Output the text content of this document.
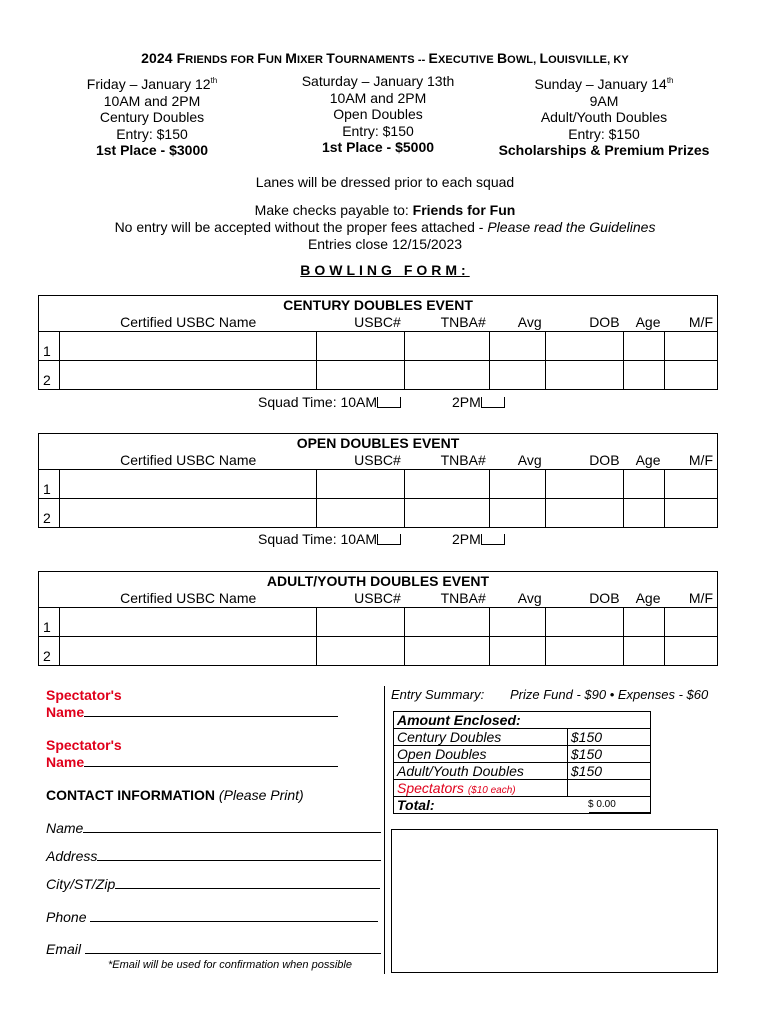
2024 FRIENDS FOR FUN MIXER TOURNAMENTS -- EXECUTIVE BOWL, LOUISVILLE, KY
Friday – January 12th
10AM and 2PM
Century Doubles
Entry: $150
1st Place - $3000
Saturday – January 13th
10AM and 2PM
Open Doubles
Entry: $150
1st Place - $5000
Sunday – January 14th
9AM
Adult/Youth Doubles
Entry: $150
Scholarships & Premium Prizes
Lanes will be dressed prior to each squad
Make checks payable to: Friends for Fun
No entry will be accepted without the proper fees attached - Please read the Guidelines
Entries close 12/15/2023
BOWLING FORM:
CENTURY DOUBLES EVENT							
	Certified USBC Name	USBC#	TNBA#	Avg	DOB	Age	M/F
1							
2							
Squad Time: 10AM	2PM
OPEN DOUBLES EVENT							
	Certified USBC Name	USBC#	TNBA#	Avg	DOB	Age	M/F
1							
2							
Squad Time: 10AM	2PM
ADULT/YOUTH DOUBLES EVENT							
	Certified USBC Name	USBC#	TNBA#	Avg	DOB	Age	M/F
1							
2							
Spectator's
Name
Spectator's
Name
CONTACT INFORMATION (Please Print)
Name
Address
City/ST/Zip
Phone
Email
*Email will be used for confirmation when possible
Entry Summary: Prize Fund - $90 • Expenses - $60
Amount Enclosed:	
Century Doubles	$150
Open Doubles	$150
Adult/Youth Doubles	$150
Spectators ($10 each)	
Total: $ 0.00	
